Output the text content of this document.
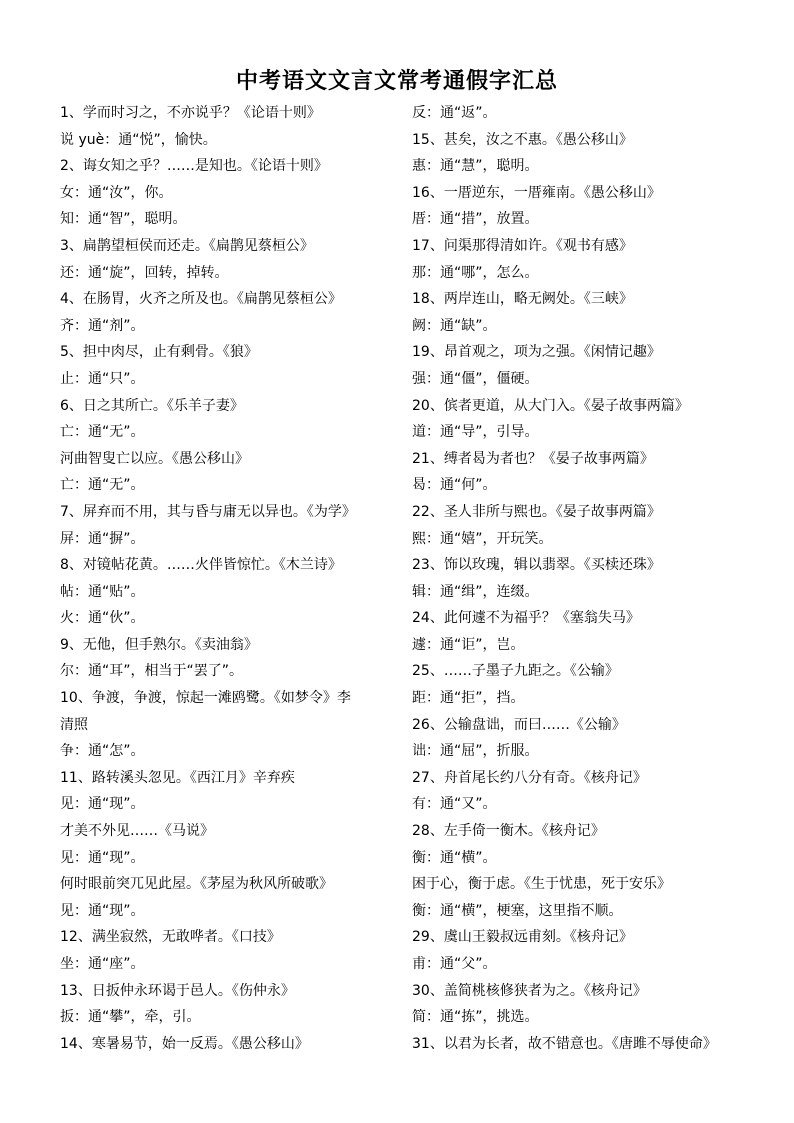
中考语文文言文常考通假字汇总
1、学而时习之，不亦说乎？《论语十则》
说 yuè：通“悦”，愉快。
2、诲女知之乎？……是知也。《论语十则》
女：通“汝”，你。
知：通“智”，聪明。
3、扁鹊望桓侯而还走。《扁鹊见蔡桓公》
还：通“旋”，回转，掉转。
4、在肠胃，火齐之所及也。《扁鹊见蔡桓公》
齐：通“剂”。
5、担中肉尽，止有剩骨。《狼》
止：通“只”。
6、日之其所亡。《乐羊子妻》
亡：通“无”。
河曲智叟亡以应。《愚公移山》
亡：通“无”。
7、屏弃而不用，其与昏与庸无以异也。《为学》
屏：通“摒”。
8、对镜帖花黄。……火伴皆惊忙。《木兰诗》
帖：通“贴”。
火：通“伙”。
9、无他，但手熟尔。《卖油翁》
尔：通“耳”，相当于“罢了”。
10、争渡，争渡，惊起一滩鸥鹭。《如梦令》李
清照
争：通“怎”。
11、路转溪头忽见。《西江月》辛弃疾
见：通“现”。
才美不外见……《马说》
见：通“现”。
何时眼前突兀见此屋。《茅屋为秋风所破歌》
见：通“现”。
12、满坐寂然，无敢哗者。《口技》
坐：通“座”。
13、日扳仲永环谒于邑人。《伤仲永》
扳：通“攀”，牵，引。
14、寒暑易节，始一反焉。《愚公移山》
反：通“返”。
15、甚矣，汝之不惠。《愚公移山》
惠：通“慧”，聪明。
16、一厝逆东，一厝雍南。《愚公移山》
厝：通“措”，放置。
17、问渠那得清如许。《观书有感》
那：通“哪”，怎么。
18、两岸连山，略无阙处。《三峡》
阙：通“缺”。
19、昂首观之，项为之强。《闲情记趣》
强：通“僵”，僵硬。
20、傧者更道，从大门入。《晏子故事两篇》
道：通“导”，引导。
21、缚者曷为者也？《晏子故事两篇》
曷：通“何”。
22、圣人非所与熙也。《晏子故事两篇》
熙：通“嬉”，开玩笑。
23、饰以玫瑰，辑以翡翠。《买椟还珠》
辑：通“缉”，连缀。
24、此何遽不为福乎？《塞翁失马》
遽：通“讵”，岂。
25、……子墨子九距之。《公输》
距：通“拒”，挡。
26、公输盘诎，而曰……《公输》
诎：通“屈”，折服。
27、舟首尾长约八分有奇。《核舟记》
有：通“又”。
28、左手倚一衡木。《核舟记》
衡：通“横”。
困于心，衡于虑。《生于忧患，死于安乐》
衡：通“横”，梗塞，这里指不顺。
29、虞山王毅叔远甫刻。《核舟记》
甫：通“父”。
30、盖简桃核修狭者为之。《核舟记》
简：通“拣”，挑选。
31、以君为长者，故不错意也。《唐雎不辱使命》
